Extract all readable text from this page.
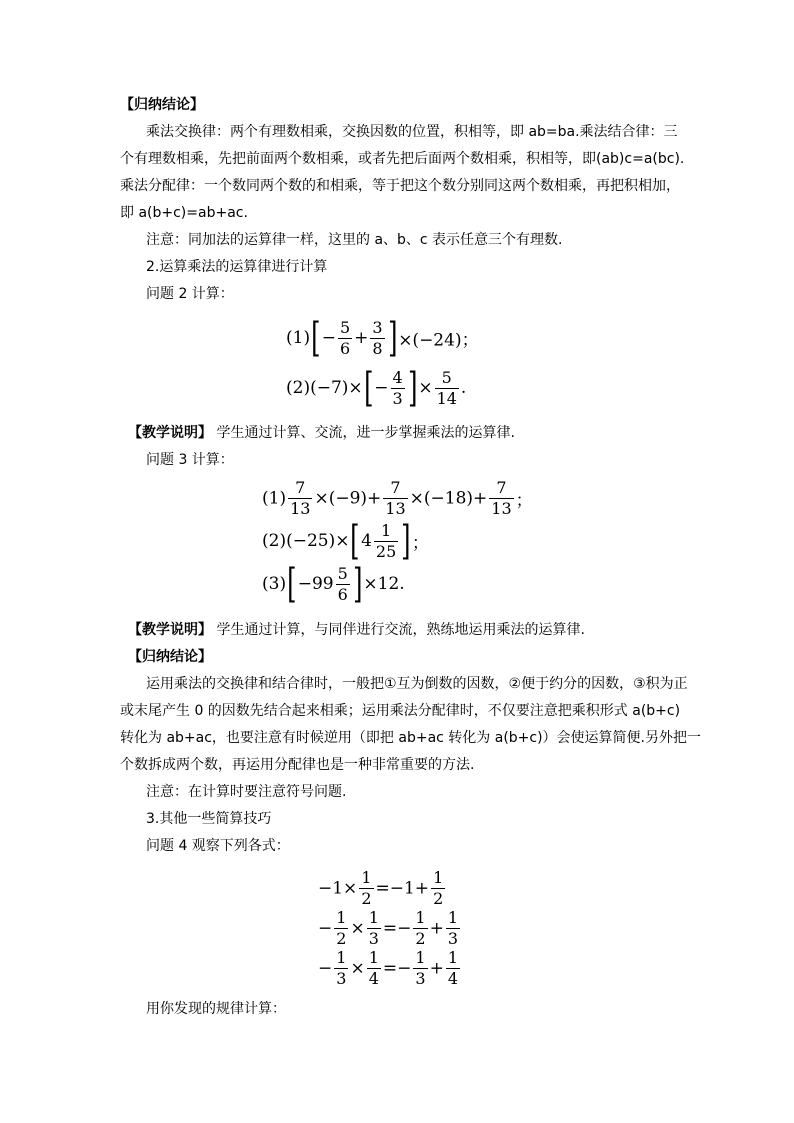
【归纳结论】
乘法交换律：两个有理数相乘，交换因数的位置，积相等，即 ab=ba.乘法结合律：三
个有理数相乘，先把前面两个数相乘，或者先把后面两个数相乘，积相等，即(ab)c=a(bc).
乘法分配律：一个数同两个数的和相乘，等于把这个数分别同这两个数相乘，再把积相加，
即 a(b+c)=ab+ac.
注意：同加法的运算律一样，这里的 a、b、c 表示任意三个有理数.
2.运算乘法的运算律进行计算
问题 2 计算：
$(1)[- \frac{5}{6} + \frac{3}{8} ]\times(-24)$；
$(2)(-7)\times[- \frac{4}{3}$ ]× $\frac{5}{14}$ .
【教学说明】 学生通过计算、交流，进一步掌握乘法的运算律.
问题 3 计算：
$(1) \frac{7}{13} \times(-9)+ \frac{7}{13} \times(-18)+ \frac{7}{13}$ ；
$(2)(-25)\times[4 \frac{1}{25}$ ]；
$(3)[-99 \frac{5}{6} ]\times 12$.
【教学说明】 学生通过计算，与同伴进行交流，熟练地运用乘法的运算律.
【归纳结论】
运用乘法的交换律和结合律时，一般把①互为倒数的因数，②便于约分的因数，③积为正
或末尾产生 0 的因数先结合起来相乘；运用乘法分配律时，不仅要注意把乘积形式 a(b+c)
转化为 ab+ac，也要注意有时候逆用（即把 ab+ac 转化为 a(b+c)）会使运算简便.另外把一
个数拆成两个数，再运用分配律也是一种非常重要的方法.
注意：在计算时要注意符号问题.
3.其他一些简算技巧
问题 4 观察下列各式：
$-1\times \frac{1}{2} =-1+ \frac{1}{2}$
− $\frac{1}{2} \times \frac{1}{3} =- \frac{1}{2} + \frac{1}{3}$
− $\frac{1}{3} \times \frac{1}{4} =- \frac{1}{3} + \frac{1}{4}$
用你发现的规律计算：
